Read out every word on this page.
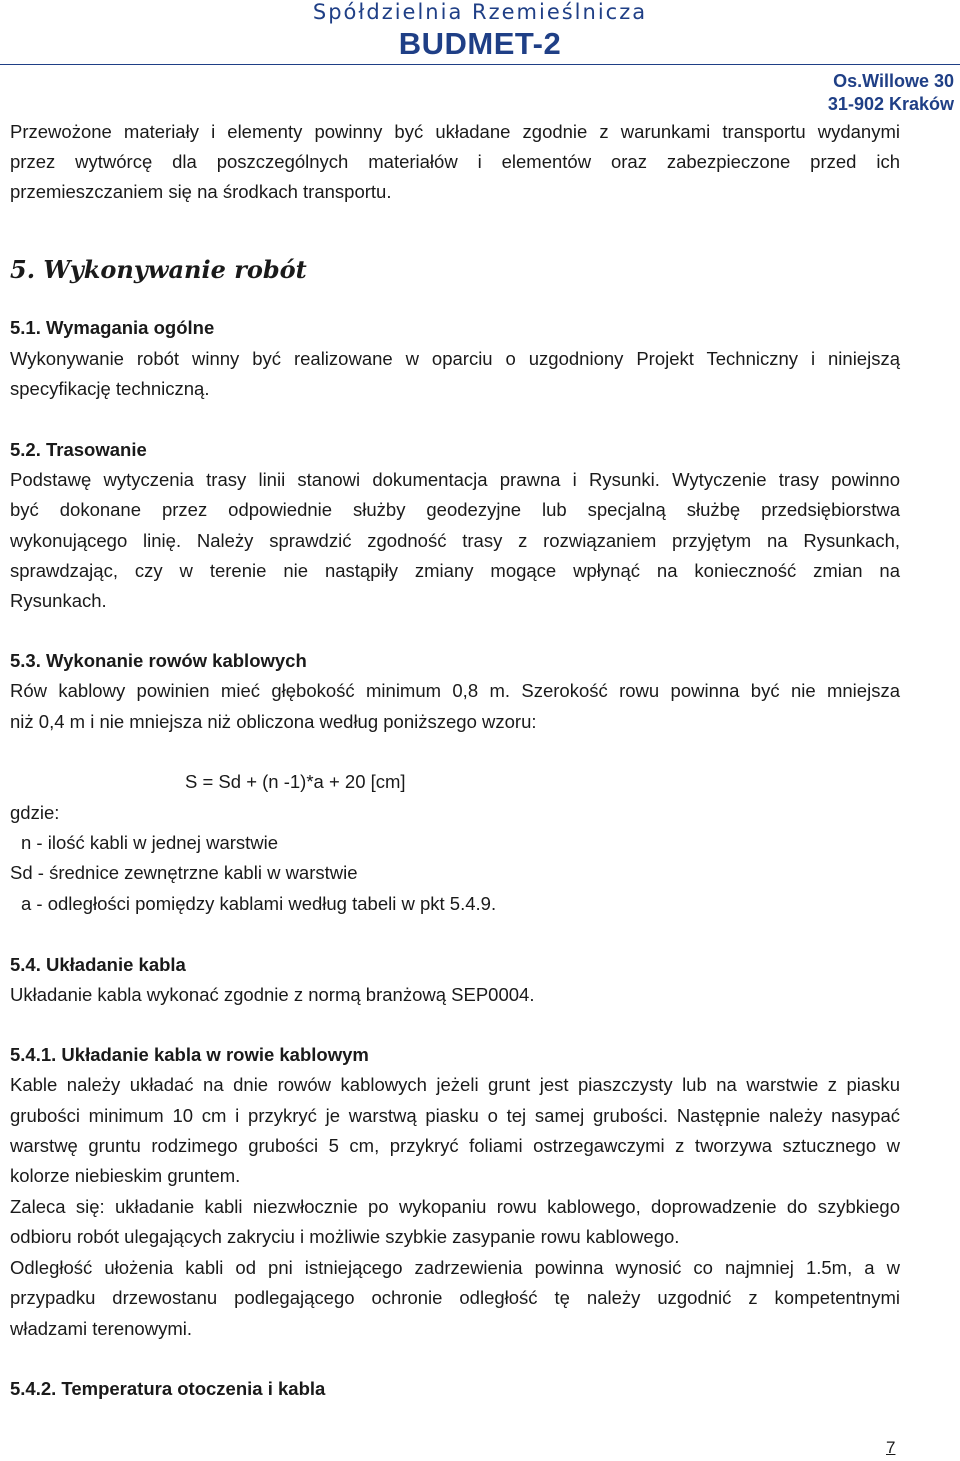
Spółdzielnia Rzemieślnicza
BUDMET-2
Os.Willowe 30
31-902 Kraków
Przewożone materiały i elementy powinny być układane zgodnie z warunkami transportu wydanymi
przez wytwórcę dla poszczególnych materiałów i elementów oraz zabezpieczone przed ich
przemieszczaniem się na środkach transportu.
5. Wykonywanie robót
5.1. Wymagania ogólne
Wykonywanie robót winny być realizowane w oparciu o uzgodniony Projekt Techniczny i niniejszą
specyfikację techniczną.
5.2. Trasowanie
Podstawę wytyczenia trasy linii stanowi dokumentacja prawna i Rysunki. Wytyczenie trasy powinno
być dokonane przez odpowiednie służby geodezyjne lub specjalną służbę przedsiębiorstwa
wykonującego linię. Należy sprawdzić zgodność trasy z rozwiązaniem przyjętym na Rysunkach,
sprawdzając, czy w terenie nie nastąpiły zmiany mogące wpłynąć na konieczność zmian na
Rysunkach.
5.3. Wykonanie rowów kablowych
Rów kablowy powinien mieć głębokość minimum 0,8 m. Szerokość rowu powinna być nie mniejsza
niż 0,4 m i nie mniejsza niż obliczona według poniższego wzoru:
S = Sd + (n -1)*a + 20 [cm]
gdzie:
n - ilość kabli w jednej warstwie
Sd - średnice zewnętrzne kabli w warstwie
a - odległości pomiędzy kablami według tabeli w pkt 5.4.9.
5.4. Układanie kabla
Układanie kabla wykonać zgodnie z normą branżową SEP0004.
5.4.1. Układanie kabla w rowie kablowym
Kable należy układać na dnie rowów kablowych jeżeli grunt jest piaszczysty lub na warstwie z piasku
grubości minimum 10 cm i przykryć je warstwą piasku o tej samej grubości. Następnie należy nasypać
warstwę gruntu rodzimego grubości 5 cm, przykryć foliami ostrzegawczymi z tworzywa sztucznego w
kolorze niebieskim gruntem.
Zaleca się: układanie kabli niezwłocznie po wykopaniu rowu kablowego, doprowadzenie do szybkiego
odbioru robót ulegających zakryciu i możliwie szybkie zasypanie rowu kablowego.
Odległość ułożenia kabli od pni istniejącego zadrzewienia powinna wynosić co najmniej 1.5m, a w
przypadku drzewostanu podlegającego ochronie odległość tę należy uzgodnić z kompetentnymi
władzami terenowymi.
5.4.2. Temperatura otoczenia i kabla
7
